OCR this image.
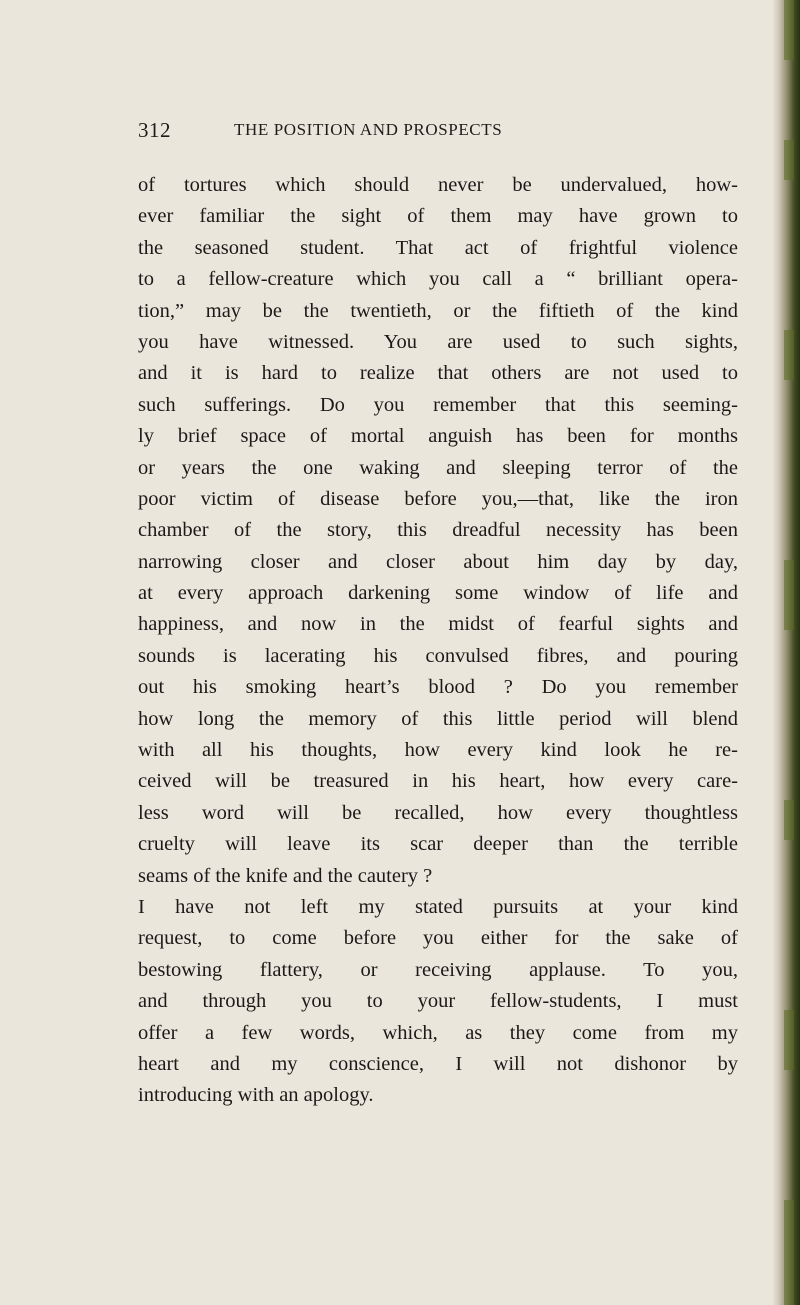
312	THE POSITION AND PROSPECTS
of tortures which should never be undervalued, how-
ever familiar the sight of them may have grown to
the seasoned student. That act of frightful violence
to a fellow-creature which you call a “ brilliant opera-
tion,” may be the twentieth, or the fiftieth of the kind
you have witnessed. You are used to such sights,
and it is hard to realize that others are not used to
such sufferings. Do you remember that this seeming-
ly brief space of mortal anguish has been for months
or years the one waking and sleeping terror of the
poor victim of disease before you,—that, like the iron
chamber of the story, this dreadful necessity has been
narrowing closer and closer about him day by day,
at every approach darkening some window of life and
happiness, and now in the midst of fearful sights and
sounds is lacerating his convulsed fibres, and pouring
out his smoking heart’s blood ? Do you remember
how long the memory of this little period will blend
with all his thoughts, how every kind look he re-
ceived will be treasured in his heart, how every care-
less word will be recalled, how every thoughtless
cruelty will leave its scar deeper than the terrible
seams of the knife and the cautery ?
I have not left my stated pursuits at your kind
request, to come before you either for the sake of
bestowing flattery, or receiving applause. To you,
and through you to your fellow-students, I must
offer a few words, which, as they come from my
heart and my conscience, I will not dishonor by
introducing with an apology.
